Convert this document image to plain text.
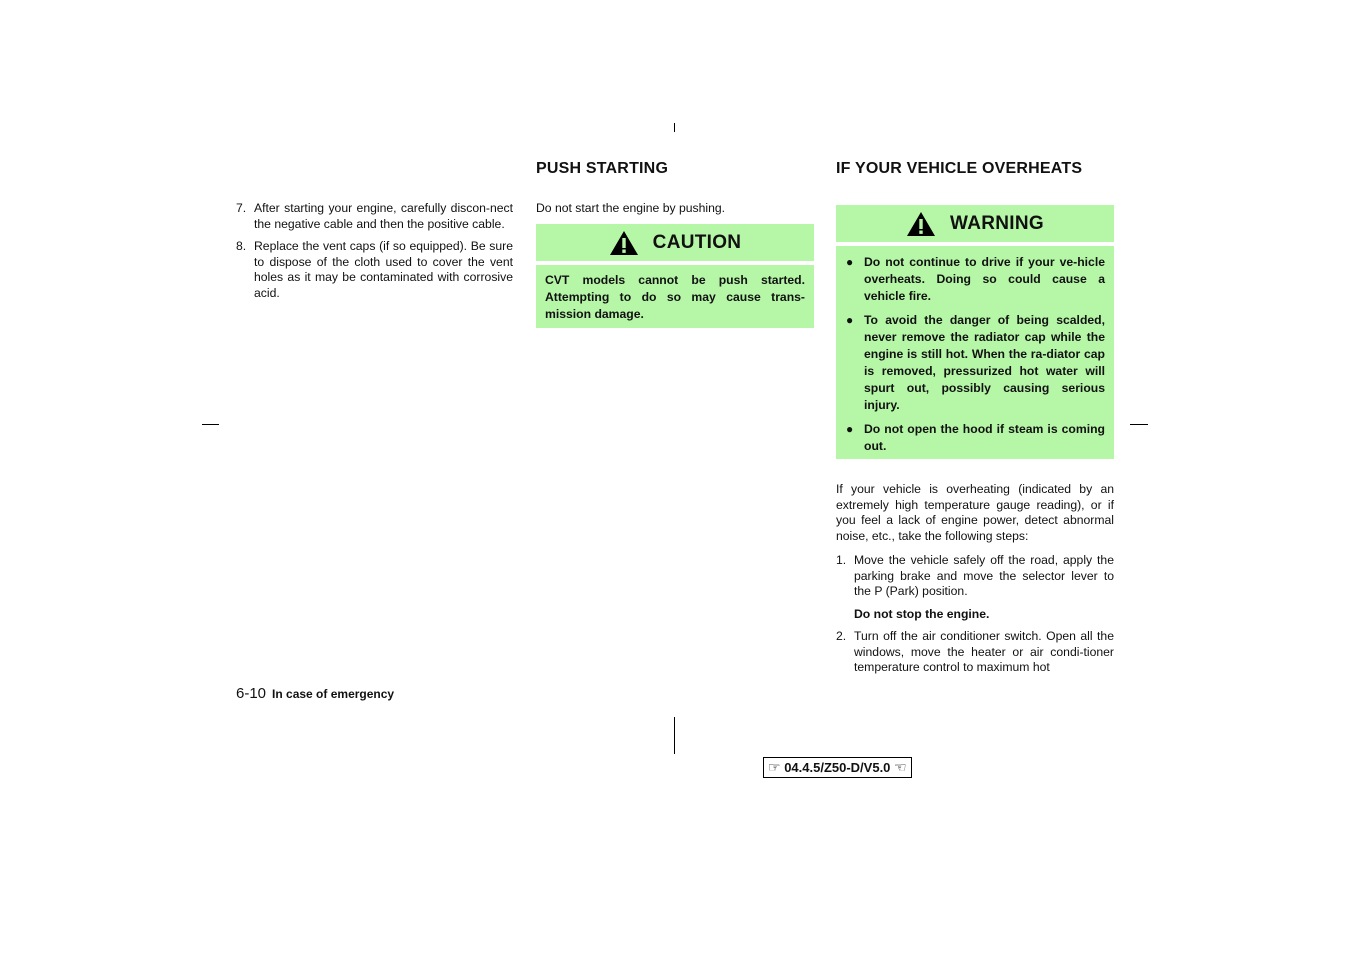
7. After starting your engine, carefully discon-nect the negative cable and then the positive cable.
8. Replace the vent caps (if so equipped). Be sure to dispose of the cloth used to cover the vent holes as it may be contaminated with corrosive acid.
PUSH STARTING
Do not start the engine by pushing.
CAUTION
CVT models cannot be push started. Attempting to do so may cause trans-mission damage.
IF YOUR VEHICLE OVERHEATS
WARNING
● Do not continue to drive if your ve-hicle overheats. Doing so could cause a vehicle fire.
● To avoid the danger of being scalded, never remove the radiator cap while the engine is still hot. When the ra-diator cap is removed, pressurized hot water will spurt out, possibly causing serious injury.
● Do not open the hood if steam is coming out.

If your vehicle is overheating (indicated by an extremely high temperature gauge reading), or if you feel a lack of engine power, detect abnormal noise, etc., take the following steps:

1. Move the vehicle safely off the road, apply the parking brake and move the selector lever to the P (Park) position.

Do not stop the engine.

2. Turn off the air conditioner switch. Open all the windows, move the heater or air condi-tioner temperature control to maximum hot
6-10 In case of emergency
☞ 04.4.5/Z50-D/V5.0 ☜
